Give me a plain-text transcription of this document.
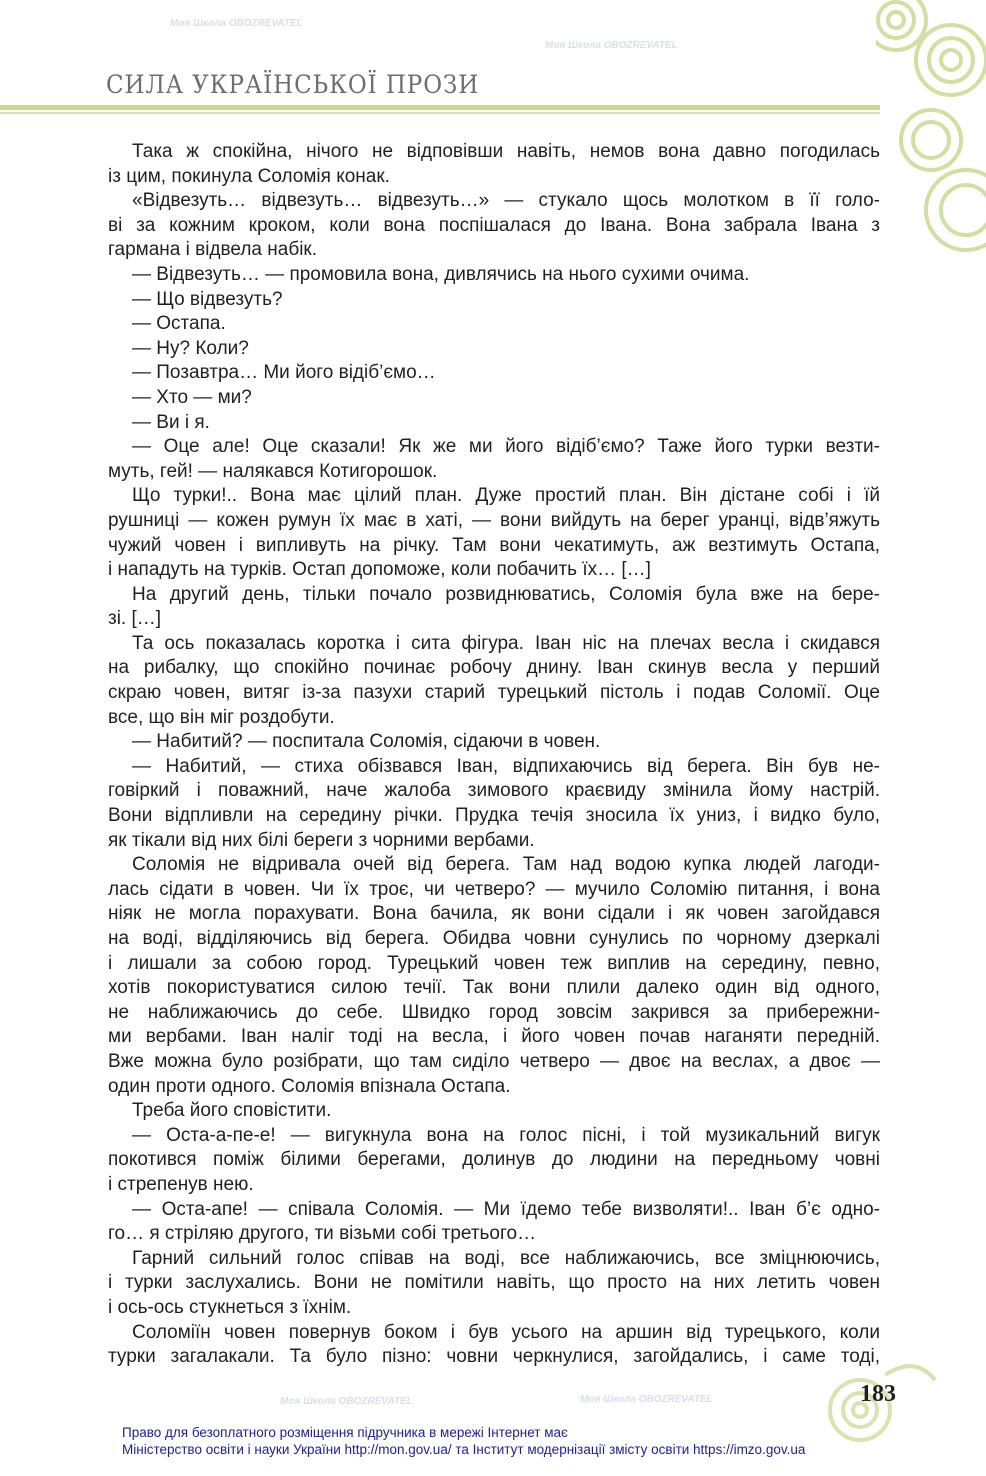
Моя Школа OBOZREVATEL
Моя Школа OBOZREVATEL
Моя Школа OBOZREVATEL	Моя Школа OBOZREVATEL
СИЛА УКРАЇНСЬКОЇ ПРОЗИ
Така ж спокійна, нічого не відповівши навіть, немов вона давно погодилась
із цим, покинула Соломія конак.
«Відвезуть… відвезуть… відвезуть…» — стукало щось молотком в її голо-
ві за кожним кроком, коли вона поспішалася до Івана. Вона забрала Івана з
гармана і відвела набік.
— Відвезуть… — промовила вона, дивлячись на нього сухими очима.
— Що відвезуть?
— Остапа.
— Ну? Коли?
— Позавтра… Ми його відіб’ємо…
— Хто — ми?
— Ви і я.
— Оце але! Оце сказали! Як же ми його відіб’ємо? Таже його турки везти-
муть, гей! — налякався Котигорошок.
Що турки!.. Вона має цілий план. Дуже простий план. Він дістане собі і їй
рушниці — кожен румун їх має в хаті, — вони вийдуть на берег уранці, відв’яжуть
чужий човен і випливуть на річку. Там вони чекатимуть, аж везтимуть Остапа,
і нападуть на турків. Остап допоможе, коли побачить їх… […]
На другий день, тільки почало розвиднюватись, Соломія була вже на бере-
зі. […]
Та ось показалась коротка і сита фігура. Іван ніс на плечах весла і скидався
на рибалку, що спокійно починає робочу днину. Іван скинув весла у перший
скраю човен, витяг із-за пазухи старий турецький пістоль і подав Соломії. Оце
все, що він міг роздобути.
— Набитий? — поспитала Соломія, сідаючи в човен.
— Набитий, — стиха обізвався Іван, відпихаючись від берега. Він був не-
говіркий і поважний, наче жалоба зимового краєвиду змінила йому настрій.
Вони відпливли на середину річки. Прудка течія зносила їх униз, і видко було,
як тікали від них білі береги з чорними вербами.
Соломія не відривала очей від берега. Там над водою купка людей лагоди-
лась сідати в човен. Чи їх троє, чи четверо? — мучило Соломію питання, і вона
ніяк не могла порахувати. Вона бачила, як вони сідали і як човен загойдався
на воді, відділяючись від берега. Обидва човни сунулись по чорному дзеркалі
і лишали за собою город. Турецький човен теж виплив на середину, певно,
хотів покористуватися силою течії. Так вони плили далеко один від одного,
не наближаючись до себе. Швидко город зовсім закрився за прибережни-
ми вербами. Іван наліг тоді на весла, і його човен почав наганяти передній.
Вже можна було розібрати, що там сиділо четверо — двоє на веслах, а двоє —
один проти одного. Соломія впізнала Остапа.
Треба його сповістити.
— Оста-а-пе-е! — вигукнула вона на голос пісні, і той музикальний вигук
покотився поміж білими берегами, долинув до людини на передньому човні
і стрепенув нею.
— Оста-апе! — співала Соломія. — Ми їдемо тебе визволяти!.. Іван б’є одно-
го… я стріляю другого, ти візьми собі третього…
Гарний сильний голос співав на воді, все наближаючись, все зміцнюючись,
і турки заслухались. Вони не помітили навіть, що просто на них летить човен
і ось-ось стукнеться з їхнім.
Соломіїн човен повернув боком і був усього на аршин від турецького, коли
турки загалакали. Та було пізно: човни черкнулися, загойдались, і саме тоді,
183
Право для безоплатного розміщення підручника в мережі Інтернет має
Міністерство освіти і науки України http://mon.gov.ua/ та Інститут модернізації змісту освіти https://imzo.gov.ua
